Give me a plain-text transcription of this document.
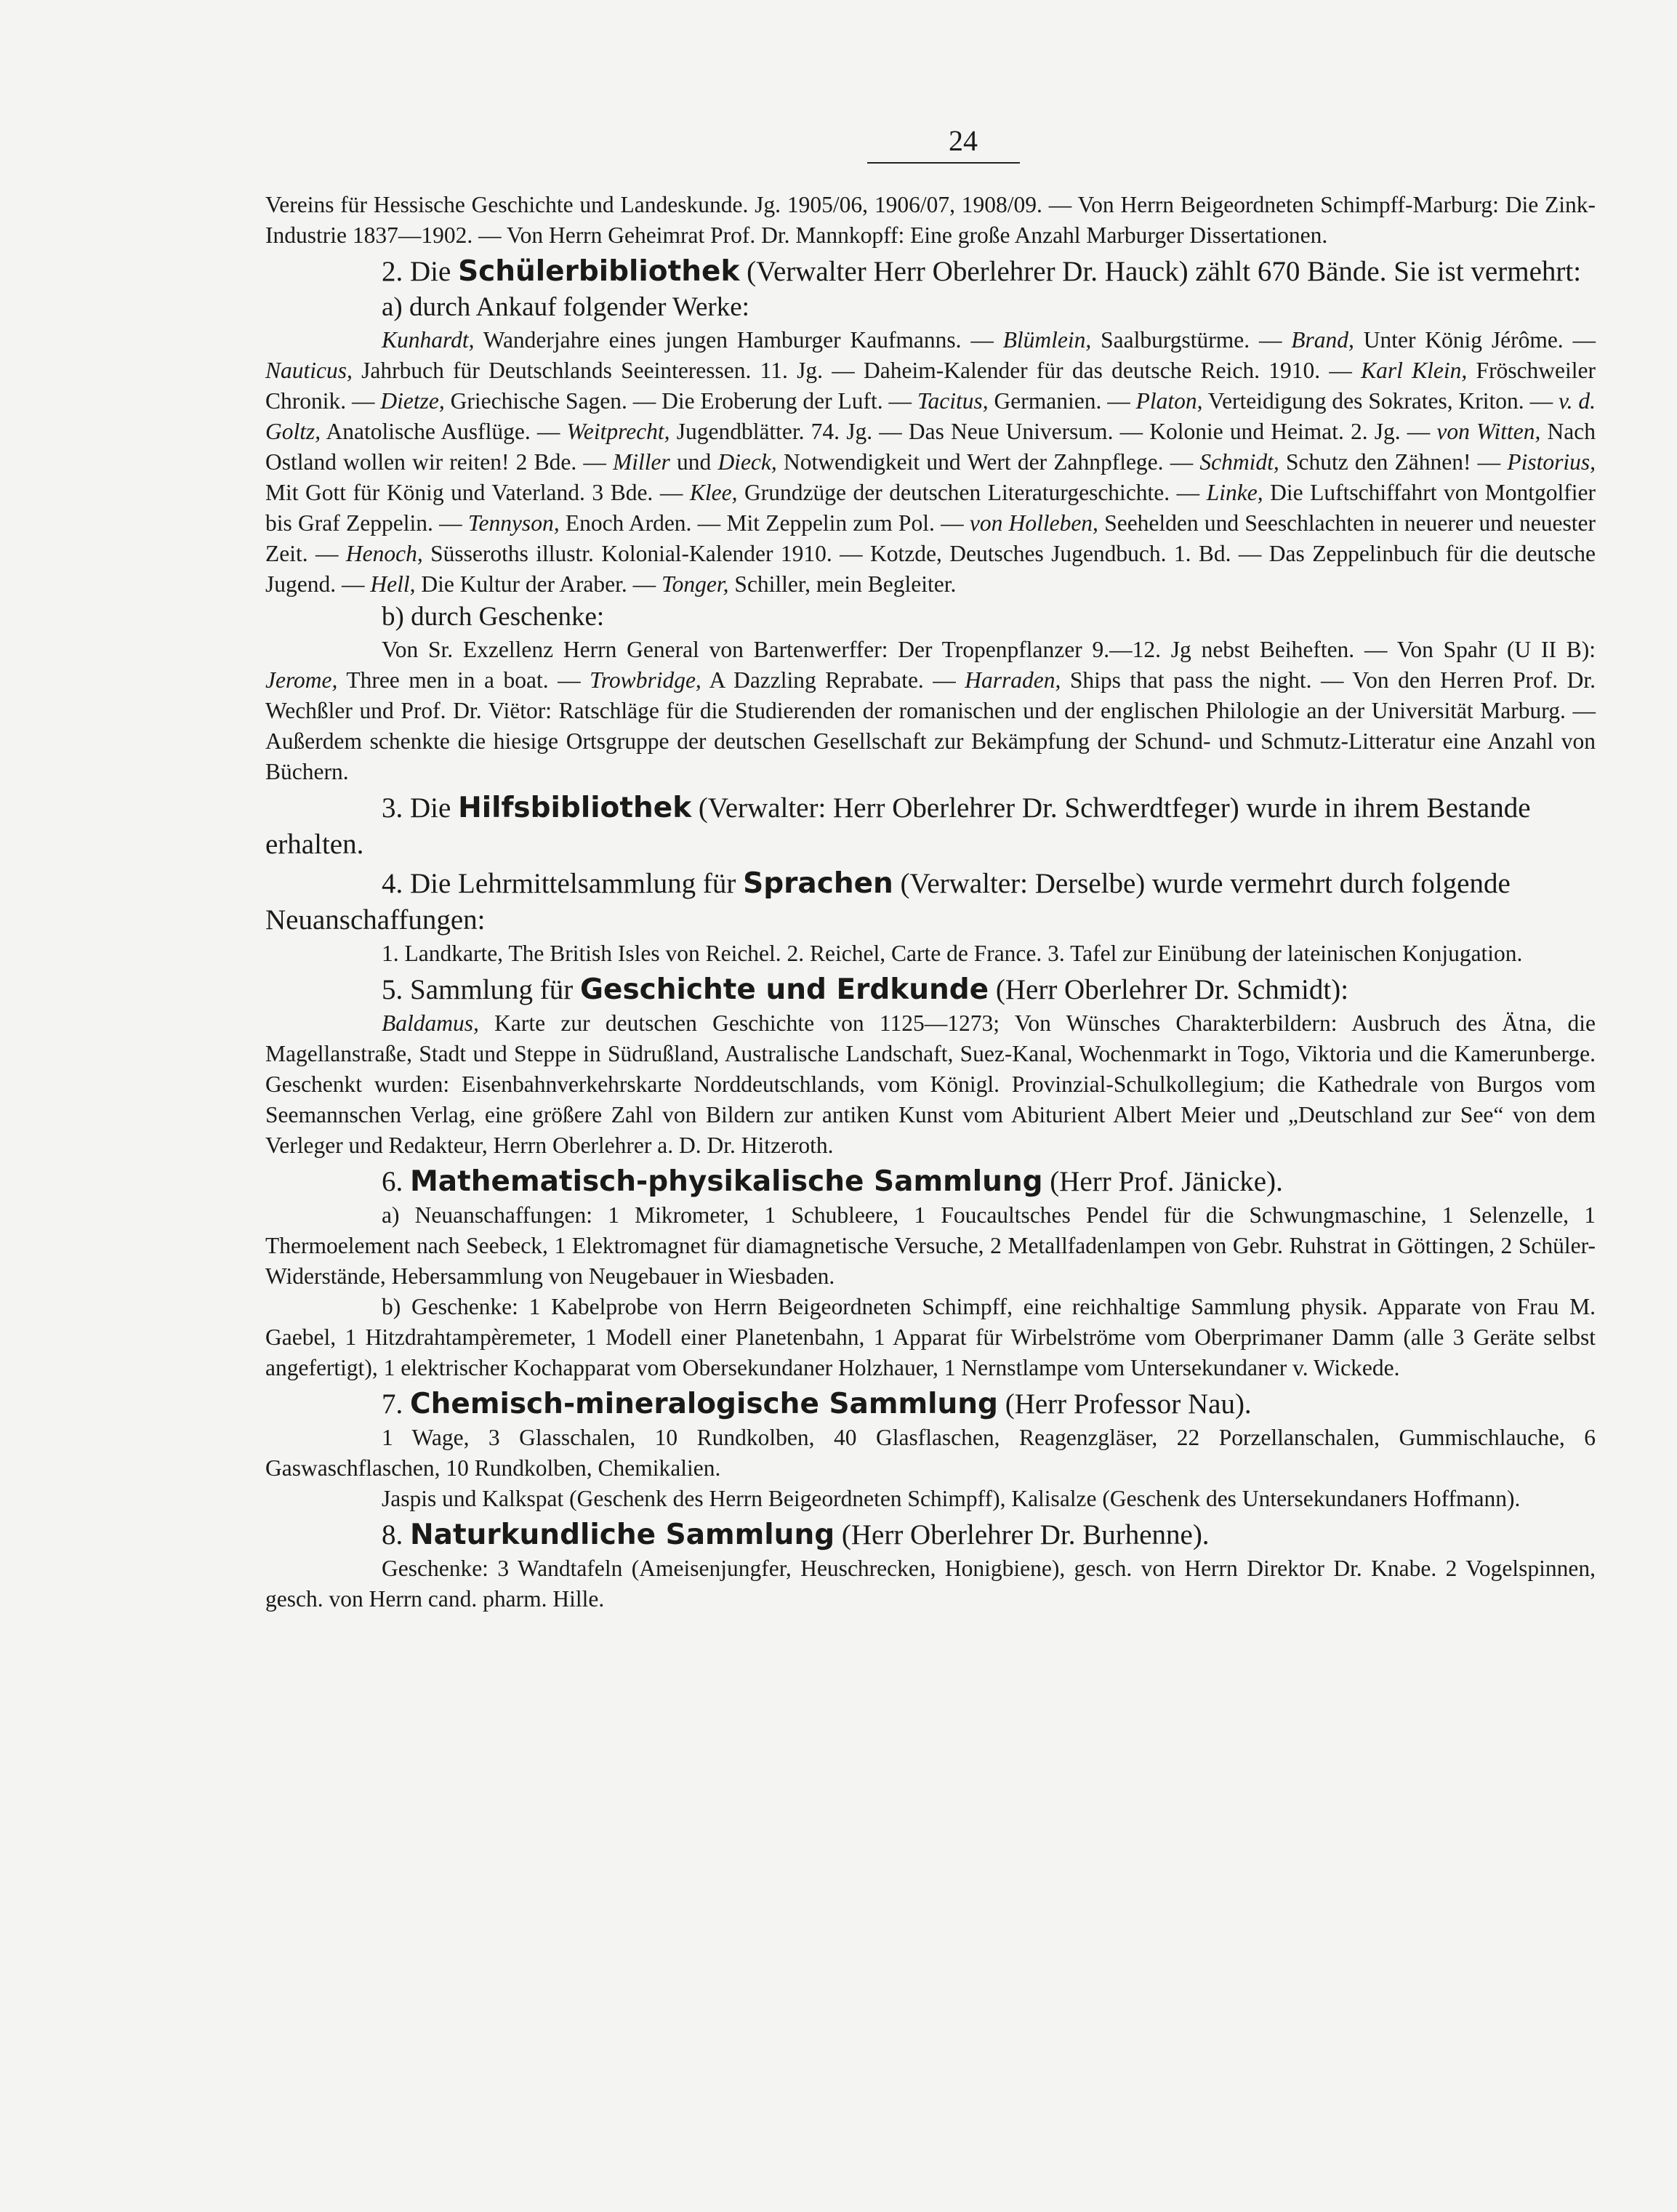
24

Vereins für Hessische Geschichte und Landeskunde. Jg. 1905/06, 1906/07, 1908/09. — Von Herrn Beigeordneten Schimpff-Marburg: Die Zink-Industrie 1837—1902. — Von Herrn Geheimrat Prof. Dr. Mannkopff: Eine große Anzahl Marburger Dissertationen.

2. Die Schülerbibliothek (Verwalter Herr Oberlehrer Dr. Hauck) zählt 670 Bände. Sie ist vermehrt:

a) durch Ankauf folgender Werke:

Kunhardt, Wanderjahre eines jungen Hamburger Kaufmanns. — Blümlein, Saalburgstürme. — Brand, Unter König Jérôme. — Nauticus, Jahrbuch für Deutschlands Seeinteressen. 11. Jg. — Daheim-Kalender für das deutsche Reich. 1910. — Karl Klein, Fröschweiler Chronik. — Dietze, Griechische Sagen. — Die Eroberung der Luft. — Tacitus, Germanien. — Platon, Verteidigung des Sokrates, Kriton. — v. d. Goltz, Anatolische Ausflüge. — Weitprecht, Jugendblätter. 74. Jg. — Das Neue Universum. — Kolonie und Heimat. 2. Jg. — von Witten, Nach Ostland wollen wir reiten! 2 Bde. — Miller und Dieck, Notwendigkeit und Wert der Zahnpflege. — Schmidt, Schutz den Zähnen! — Pistorius, Mit Gott für König und Vaterland. 3 Bde. — Klee, Grundzüge der deutschen Literaturgeschichte. — Linke, Die Luftschiffahrt von Montgolfier bis Graf Zeppelin. — Tennyson, Enoch Arden. — Mit Zeppelin zum Pol. — von Holleben, Seehelden und Seeschlachten in neuerer und neuester Zeit. — Henoch, Süsseroths illustr. Kolonial-Kalender 1910. — Kotzde, Deutsches Jugendbuch. 1. Bd. — Das Zeppelinbuch für die deutsche Jugend. — Hell, Die Kultur der Araber. — Tonger, Schiller, mein Begleiter.

b) durch Geschenke:

Von Sr. Exzellenz Herrn General von Bartenwerffer: Der Tropenpflanzer 9.—12. Jg nebst Beiheften. — Von Spahr (U II B): Jerome, Three men in a boat. — Trowbridge, A Dazzling Reprabate. — Harraden, Ships that pass the night. — Von den Herren Prof. Dr. Wechßler und Prof. Dr. Viëtor: Ratschläge für die Studierenden der romanischen und der englischen Philologie an der Universität Marburg. — Außerdem schenkte die hiesige Ortsgruppe der deutschen Gesellschaft zur Bekämpfung der Schund- und Schmutz-Litteratur eine Anzahl von Büchern.

3. Die Hilfsbibliothek (Verwalter: Herr Oberlehrer Dr. Schwerdtfeger) wurde in ihrem Bestande erhalten.

4. Die Lehrmittelsammlung für Sprachen (Verwalter: Derselbe) wurde vermehrt durch folgende Neuanschaffungen:

1. Landkarte, The British Isles von Reichel. 2. Reichel, Carte de France. 3. Tafel zur Einübung der lateinischen Konjugation.

5. Sammlung für Geschichte und Erdkunde (Herr Oberlehrer Dr. Schmidt):

Baldamus, Karte zur deutschen Geschichte von 1125—1273; Von Wünsches Charakterbildern: Ausbruch des Ätna, die Magellanstraße, Stadt und Steppe in Südrußland, Australische Landschaft, Suez-Kanal, Wochenmarkt in Togo, Viktoria und die Kamerunberge. Geschenkt wurden: Eisenbahnverkehrskarte Norddeutschlands, vom Königl. Provinzial-Schulkollegium; die Kathedrale von Burgos vom Seemannschen Verlag, eine größere Zahl von Bildern zur antiken Kunst vom Abiturient Albert Meier und „Deutschland zur See“ von dem Verleger und Redakteur, Herrn Oberlehrer a. D. Dr. Hitzeroth.

6. Mathematisch-physikalische Sammlung (Herr Prof. Jänicke).

a) Neuanschaffungen: 1 Mikrometer, 1 Schubleere, 1 Foucaultsches Pendel für die Schwungmaschine, 1 Selenzelle, 1 Thermoelement nach Seebeck, 1 Elektromagnet für diamagnetische Versuche, 2 Metallfadenlampen von Gebr. Ruhstrat in Göttingen, 2 Schüler-Widerstände, Hebersammlung von Neugebauer in Wiesbaden.

b) Geschenke: 1 Kabelprobe von Herrn Beigeordneten Schimpff, eine reichhaltige Sammlung physik. Apparate von Frau M. Gaebel, 1 Hitzdrahtampèremeter, 1 Modell einer Planetenbahn, 1 Apparat für Wirbelströme vom Oberprimaner Damm (alle 3 Geräte selbst angefertigt), 1 elektrischer Kochapparat vom Obersekundaner Holzhauer, 1 Nernstlampe vom Untersekundaner v. Wickede.

7. Chemisch-mineralogische Sammlung (Herr Professor Nau).

1 Wage, 3 Glasschalen, 10 Rundkolben, 40 Glasflaschen, Reagenzgläser, 22 Porzellanschalen, Gummischlauche, 6 Gaswaschflaschen, 10 Rundkolben, Chemikalien.

Jaspis und Kalkspat (Geschenk des Herrn Beigeordneten Schimpff), Kalisalze (Geschenk des Untersekundaners Hoffmann).

8. Naturkundliche Sammlung (Herr Oberlehrer Dr. Burhenne).

Geschenke: 3 Wandtafeln (Ameisenjungfer, Heuschrecken, Honigbiene), gesch. von Herrn Direktor Dr. Knabe. 2 Vogelspinnen, gesch. von Herrn cand. pharm. Hille.
